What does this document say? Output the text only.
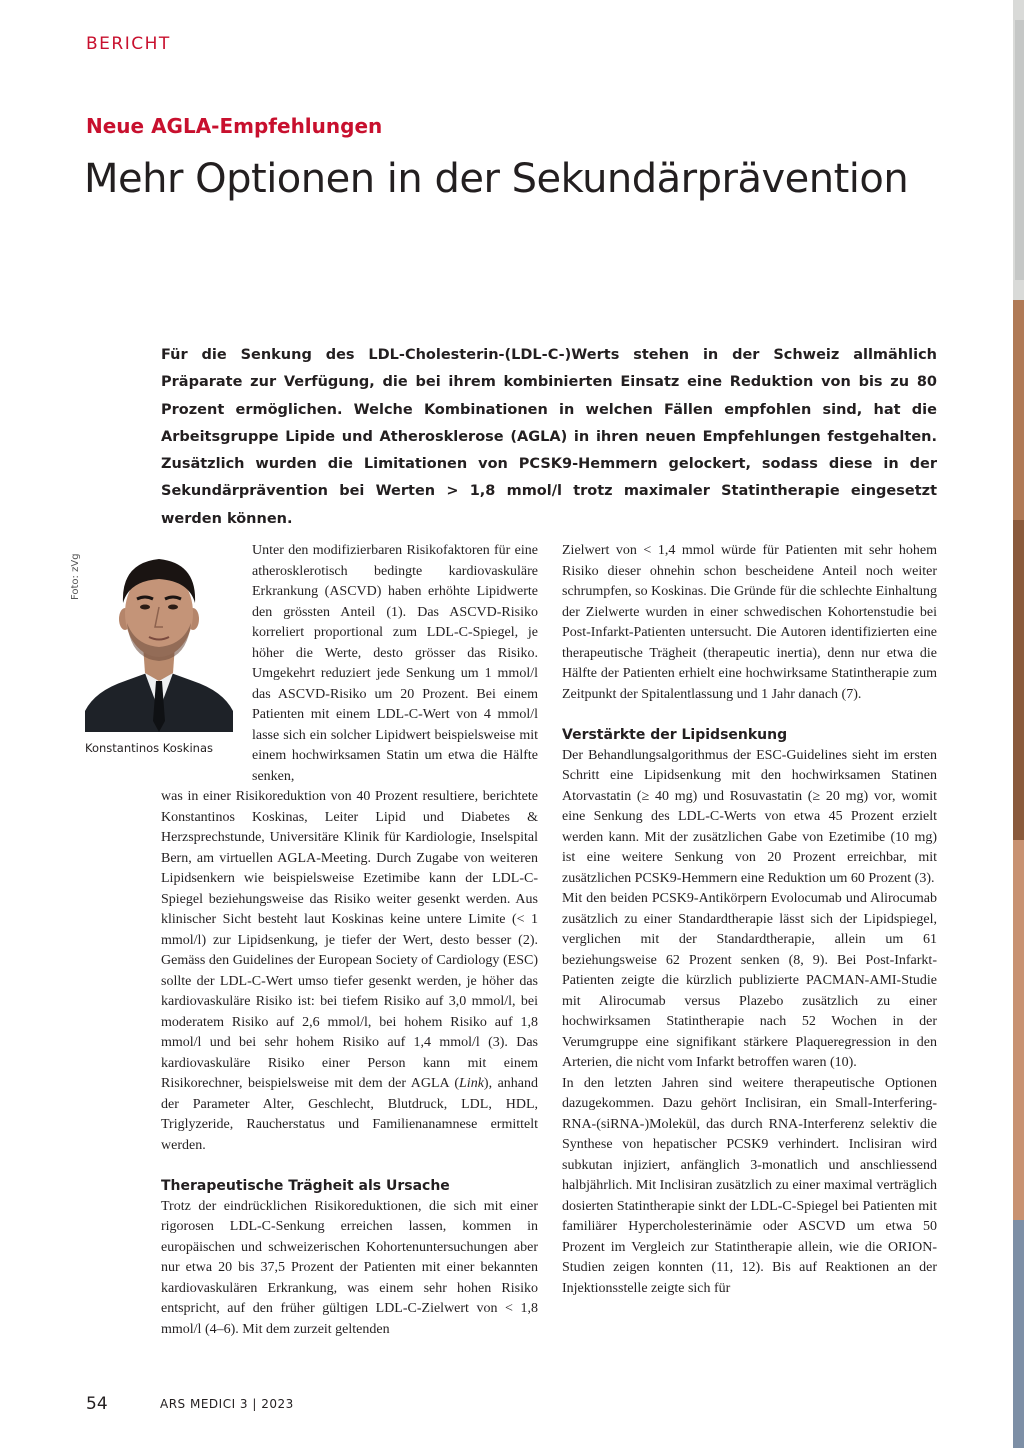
BERICHT
Neue AGLA-Empfehlungen
Mehr Optionen in der Sekundärprävention

Für die Senkung des LDL-Cholesterin-(LDL-C-)Werts stehen in der Schweiz allmählich Präparate zur Verfügung, die bei ihrem kombinierten Einsatz eine Reduktion von bis zu 80 Prozent ermöglichen. Welche Kombinationen in welchen Fällen empfohlen sind, hat die Arbeitsgruppe Lipide und Atherosklerose (AGLA) in ihren neuen Empfehlungen festgehalten. Zusätzlich wurden die Limitationen von PCSK9-Hemmern gelockert, sodass diese in der Sekundärprävention bei Werten > 1,8 mmol/l trotz maximaler Statintherapie eingesetzt werden können.

Foto: zVg
Konstantinos Koskinas
Unter den modifizierbaren Risikofaktoren für eine atherosklerotisch bedingte kardiovaskuläre Erkrankung (ASCVD) haben erhöhte Lipidwerte den grössten Anteil (1). Das ASCVD-Risiko korreliert proportional zum LDL-C-Spiegel, je höher die Werte, desto grösser das Risiko. Umgekehrt reduziert jede Senkung um 1 mmol/l das ASCVD-Risiko um 20 Prozent. Bei einem Patienten mit einem LDL-C-Wert von 4 mmol/l lasse sich ein solcher Lipidwert beispielsweise mit einem hochwirksamen Statin um etwa die Hälfte senken,

was in einer Risikoreduktion von 40 Prozent resultiere, berichtete Konstantinos Koskinas, Leiter Lipid und Diabetes & Herzsprechstunde, Universitäre Klinik für Kardiologie, Inselspital Bern, am virtuellen AGLA-Meeting. Durch Zugabe von weiteren Lipidsenkern wie beispielsweise Ezetimibe kann der LDL-C-Spiegel beziehungsweise das Risiko weiter gesenkt werden. Aus klinischer Sicht besteht laut Koskinas keine untere Limite (< 1 mmol/l) zur Lipidsenkung, je tiefer der Wert, desto besser (2). Gemäss den Guidelines der European Society of Cardiology (ESC) sollte der LDL-C-Wert umso tiefer gesenkt werden, je höher das kardiovaskuläre Risiko ist: bei tiefem Risiko auf 3,0 mmol/l, bei moderatem Risiko auf 2,6 mmol/l, bei hohem Risiko auf 1,8 mmol/l und bei sehr hohem Risiko auf 1,4 mmol/l (3). Das kardiovaskuläre Risiko einer Person kann mit einem Risikorechner, beispielsweise mit dem der AGLA (Link), anhand der Parameter Alter, Geschlecht, Blutdruck, LDL, HDL, Triglyzeride, Raucherstatus und Familienanamnese ermittelt werden.

Therapeutische Trägheit als Ursache

Trotz der eindrücklichen Risikoreduktionen, die sich mit einer rigorosen LDL-C-Senkung erreichen lassen, kommen in europäischen und schweizerischen Kohortenuntersuchungen aber nur etwa 20 bis 37,5 Prozent der Patienten mit einer bekannten kardiovaskulären Erkrankung, was einem sehr hohen Risiko entspricht, auf den früher gültigen LDL-C-Zielwert von < 1,8 mmol/l (4–6). Mit dem zurzeit geltenden

Zielwert von < 1,4 mmol würde für Patienten mit sehr hohem Risiko dieser ohnehin schon bescheidene Anteil noch weiter schrumpfen, so Koskinas. Die Gründe für die schlechte Einhaltung der Zielwerte wurden in einer schwedischen Kohortenstudie bei Post-Infarkt-Patienten untersucht. Die Autoren identifizierten eine therapeutische Trägheit (therapeutic inertia), denn nur etwa die Hälfte der Patienten erhielt eine hochwirksame Statintherapie zum Zeitpunkt der Spitalentlassung und 1 Jahr danach (7).

Verstärkte der Lipidsenkung

Der Behandlungsalgorithmus der ESC-Guidelines sieht im ersten Schritt eine Lipidsenkung mit den hochwirksamen Statinen Atorvastatin (≥ 40 mg) und Rosuvastatin (≥ 20 mg) vor, womit eine Senkung des LDL-C-Werts von etwa 45 Prozent erzielt werden kann. Mit der zusätzlichen Gabe von Ezetimibe (10 mg) ist eine weitere Senkung von 20 Prozent erreichbar, mit zusätzlichen PCSK9-Hemmern eine Reduktion um 60 Prozent (3).

Mit den beiden PCSK9-Antikörpern Evolocumab und Alirocumab zusätzlich zu einer Standardtherapie lässt sich der Lipidspiegel, verglichen mit der Standardtherapie, allein um 61 beziehungsweise 62 Prozent senken (8, 9). Bei Post-Infarkt-Patienten zeigte die kürzlich publizierte PACMAN-AMI-Studie mit Alirocumab versus Plazebo zusätzlich zu einer hochwirksamen Statintherapie nach 52 Wochen in der Verumgruppe eine signifikant stärkere Plaqueregression in den Arterien, die nicht vom Infarkt betroffen waren (10).

In den letzten Jahren sind weitere therapeutische Optionen dazugekommen. Dazu gehört Inclisiran, ein Small-Interfering-RNA-(siRNA-)Molekül, das durch RNA-Interferenz selektiv die Synthese von hepatischer PCSK9 verhindert. Inclisiran wird subkutan injiziert, anfänglich 3-monatlich und anschliessend halbjährlich. Mit Inclisiran zusätzlich zu einer maximal verträglich dosierten Statintherapie sinkt der LDL-C-Spiegel bei Patienten mit familiärer Hypercholesterinämie oder ASCVD um etwa 50 Prozent im Vergleich zur Statintherapie allein, wie die ORION-Studien zeigen konnten (11, 12). Bis auf Reaktionen an der Injektionsstelle zeigte sich für

54	ARS MEDICI 3 | 2023
